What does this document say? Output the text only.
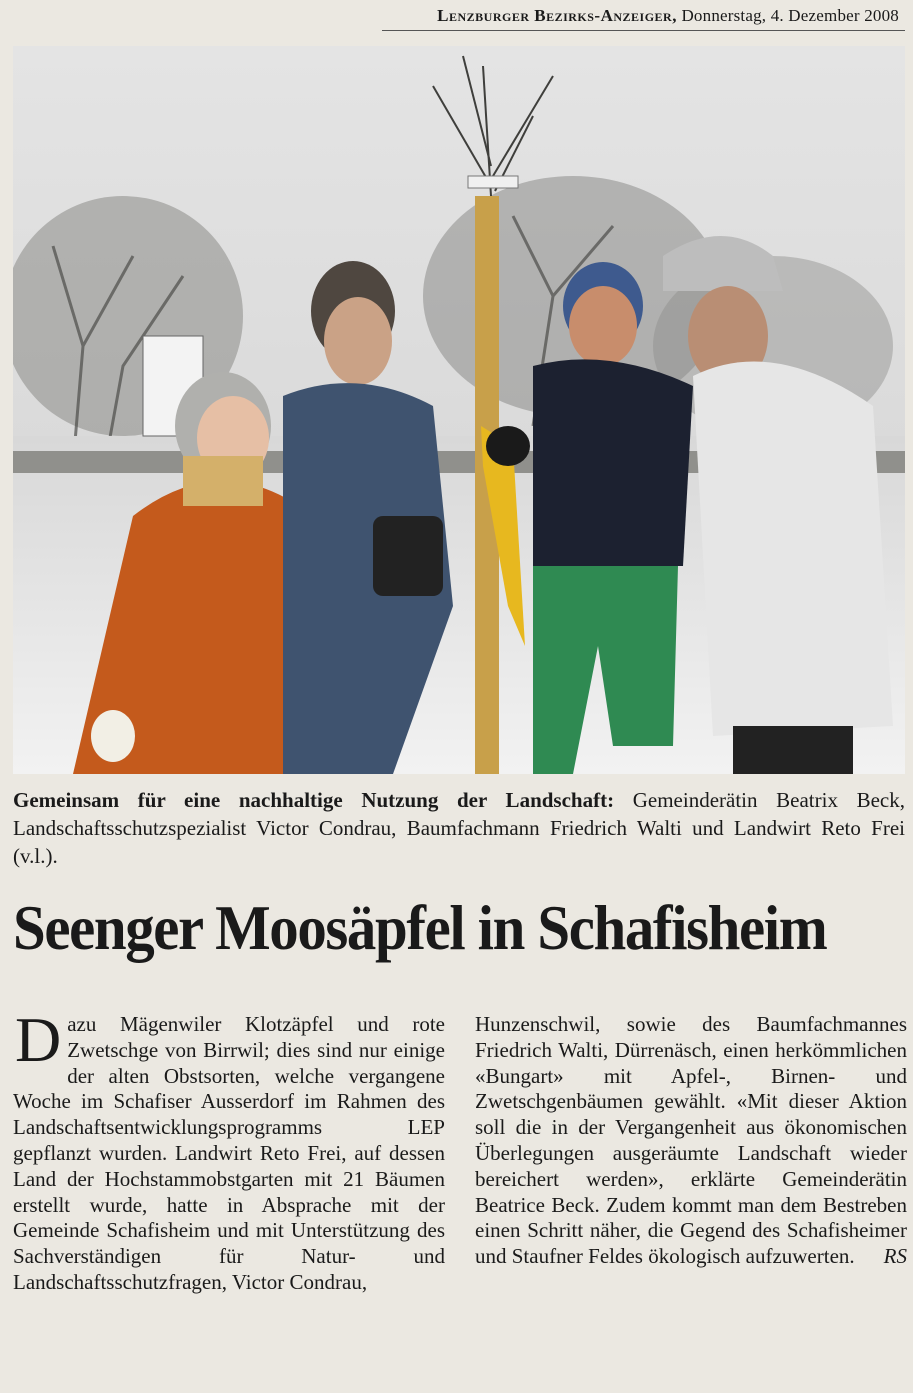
Lenzburger Bezirks-Anzeiger, Donnerstag, 4. Dezember 2008
Gemeinsam für eine nachhaltige Nutzung der Landschaft: Gemeinderätin Beatrix Beck, Landschaftsschutzspezialist Victor Condrau, Baumfachmann Friedrich Walti und Landwirt Reto Frei (v.l.).
Seenger Moosäpfel in Schafisheim
Dazu Mägenwiler Klotzäpfel und rote Zwetschge von Birrwil; dies sind nur einige der alten Obstsorten, welche vergangene Woche im Schafiser Ausserdorf im Rahmen des Landschaftsentwicklungsprogramms LEP gepflanzt wurden. Landwirt Reto Frei, auf dessen Land der Hochstammobstgarten mit 21 Bäumen erstellt wurde, hatte in Absprache mit der Gemeinde Schafisheim und mit Unterstützung des Sachverständigen für Natur- und Landschaftsschutzfragen, Victor Condrau,
Hunzenschwil, sowie des Baumfachmannes Friedrich Walti, Dürrenäsch, einen herkömmlichen «Bungart» mit Apfel-, Birnen- und Zwetschgenbäumen gewählt. «Mit dieser Aktion soll die in der Vergangenheit aus ökonomischen Überlegungen ausgeräumte Landschaft wieder bereichert werden», erklärte Gemeinderätin Beatrice Beck. Zudem kommt man dem Bestreben einen Schritt näher, die Gegend des Schafisheimer und Staufner Feldes ökologisch aufzuwerten. RS
